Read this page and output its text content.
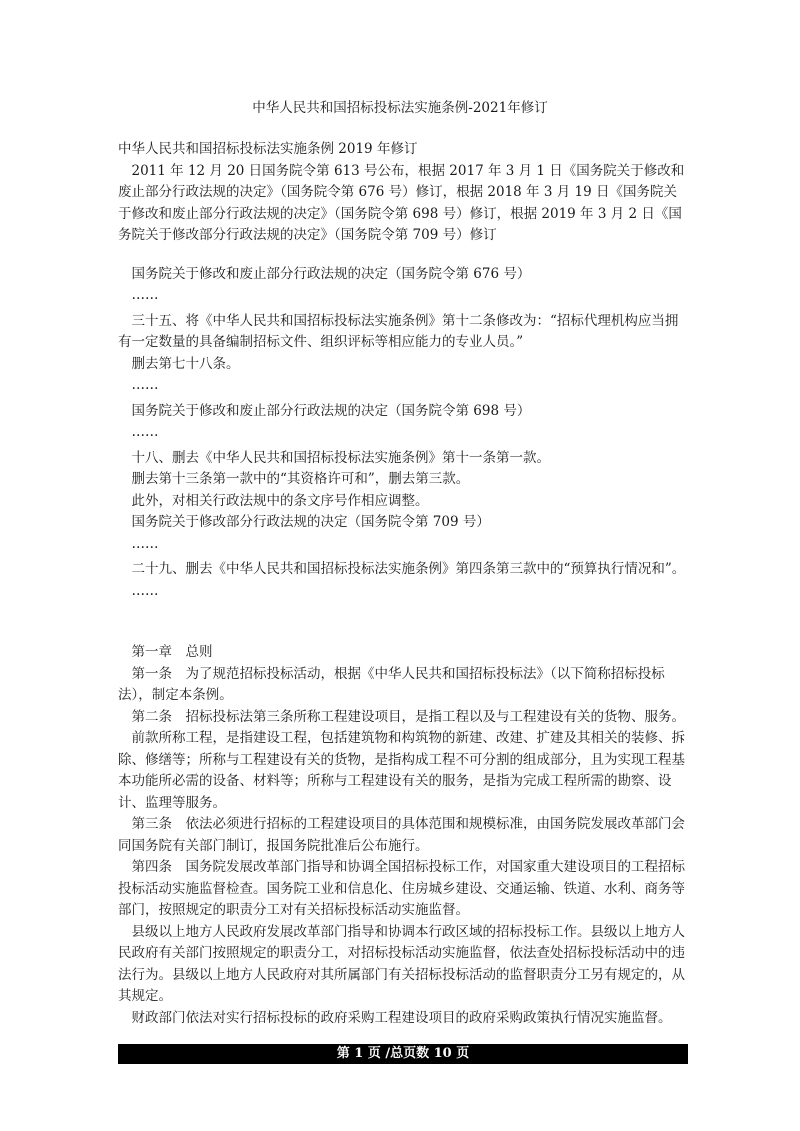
中华人民共和国招标投标法实施条例-2021年修订

中华人民共和国招标投标法实施条例 2019 年修订

　2011 年 12 月 20 日国务院令第 613 号公布，根据 2017 年 3 月 1 日《国务院关于修改和废止部分行政法规的决定》（国务院令第 676 号）修订，根据 2018 年 3 月 19 日《国务院关于修改和废止部分行政法规的决定》（国务院令第 698 号）修订，根据 2019 年 3 月 2 日《国务院关于修改部分行政法规的决定》（国务院令第 709 号）修订

　国务院关于修改和废止部分行政法规的决定（国务院令第 676 号）

　……

　三十五、将《中华人民共和国招标投标法实施条例》第十二条修改为：“招标代理机构应当拥有一定数量的具备编制招标文件、组织评标等相应能力的专业人员。”

　删去第七十八条。

　……

　国务院关于修改和废止部分行政法规的决定（国务院令第 698 号）

　……

　十八、删去《中华人民共和国招标投标法实施条例》第十一条第一款。

　删去第十三条第一款中的“其资格许可和”，删去第三款。

　此外，对相关行政法规中的条文序号作相应调整。

　国务院关于修改部分行政法规的决定（国务院令第 709 号）

　……

　二十九、删去《中华人民共和国招标投标法实施条例》第四条第三款中的“预算执行情况和”。

　……

　第一章　总则

　第一条　为了规范招标投标活动，根据《中华人民共和国招标投标法》（以下简称招标投标法），制定本条例。

　第二条　招标投标法第三条所称工程建设项目，是指工程以及与工程建设有关的货物、服务。

　前款所称工程，是指建设工程，包括建筑物和构筑物的新建、改建、扩建及其相关的装修、拆除、修缮等；所称与工程建设有关的货物，是指构成工程不可分割的组成部分，且为实现工程基本功能所必需的设备、材料等；所称与工程建设有关的服务，是指为完成工程所需的勘察、设计、监理等服务。

　第三条　依法必须进行招标的工程建设项目的具体范围和规模标准，由国务院发展改革部门会同国务院有关部门制订，报国务院批准后公布施行。

　第四条　国务院发展改革部门指导和协调全国招标投标工作，对国家重大建设项目的工程招标投标活动实施监督检查。国务院工业和信息化、住房城乡建设、交通运输、铁道、水利、商务等部门，按照规定的职责分工对有关招标投标活动实施监督。

　县级以上地方人民政府发展改革部门指导和协调本行政区域的招标投标工作。县级以上地方人民政府有关部门按照规定的职责分工，对招标投标活动实施监督，依法查处招标投标活动中的违法行为。县级以上地方人民政府对其所属部门有关招标投标活动的监督职责分工另有规定的，从其规定。

　财政部门依法对实行招标投标的政府采购工程建设项目的政府采购政策执行情况实施监督。

第 1 页 /总页数 10 页
